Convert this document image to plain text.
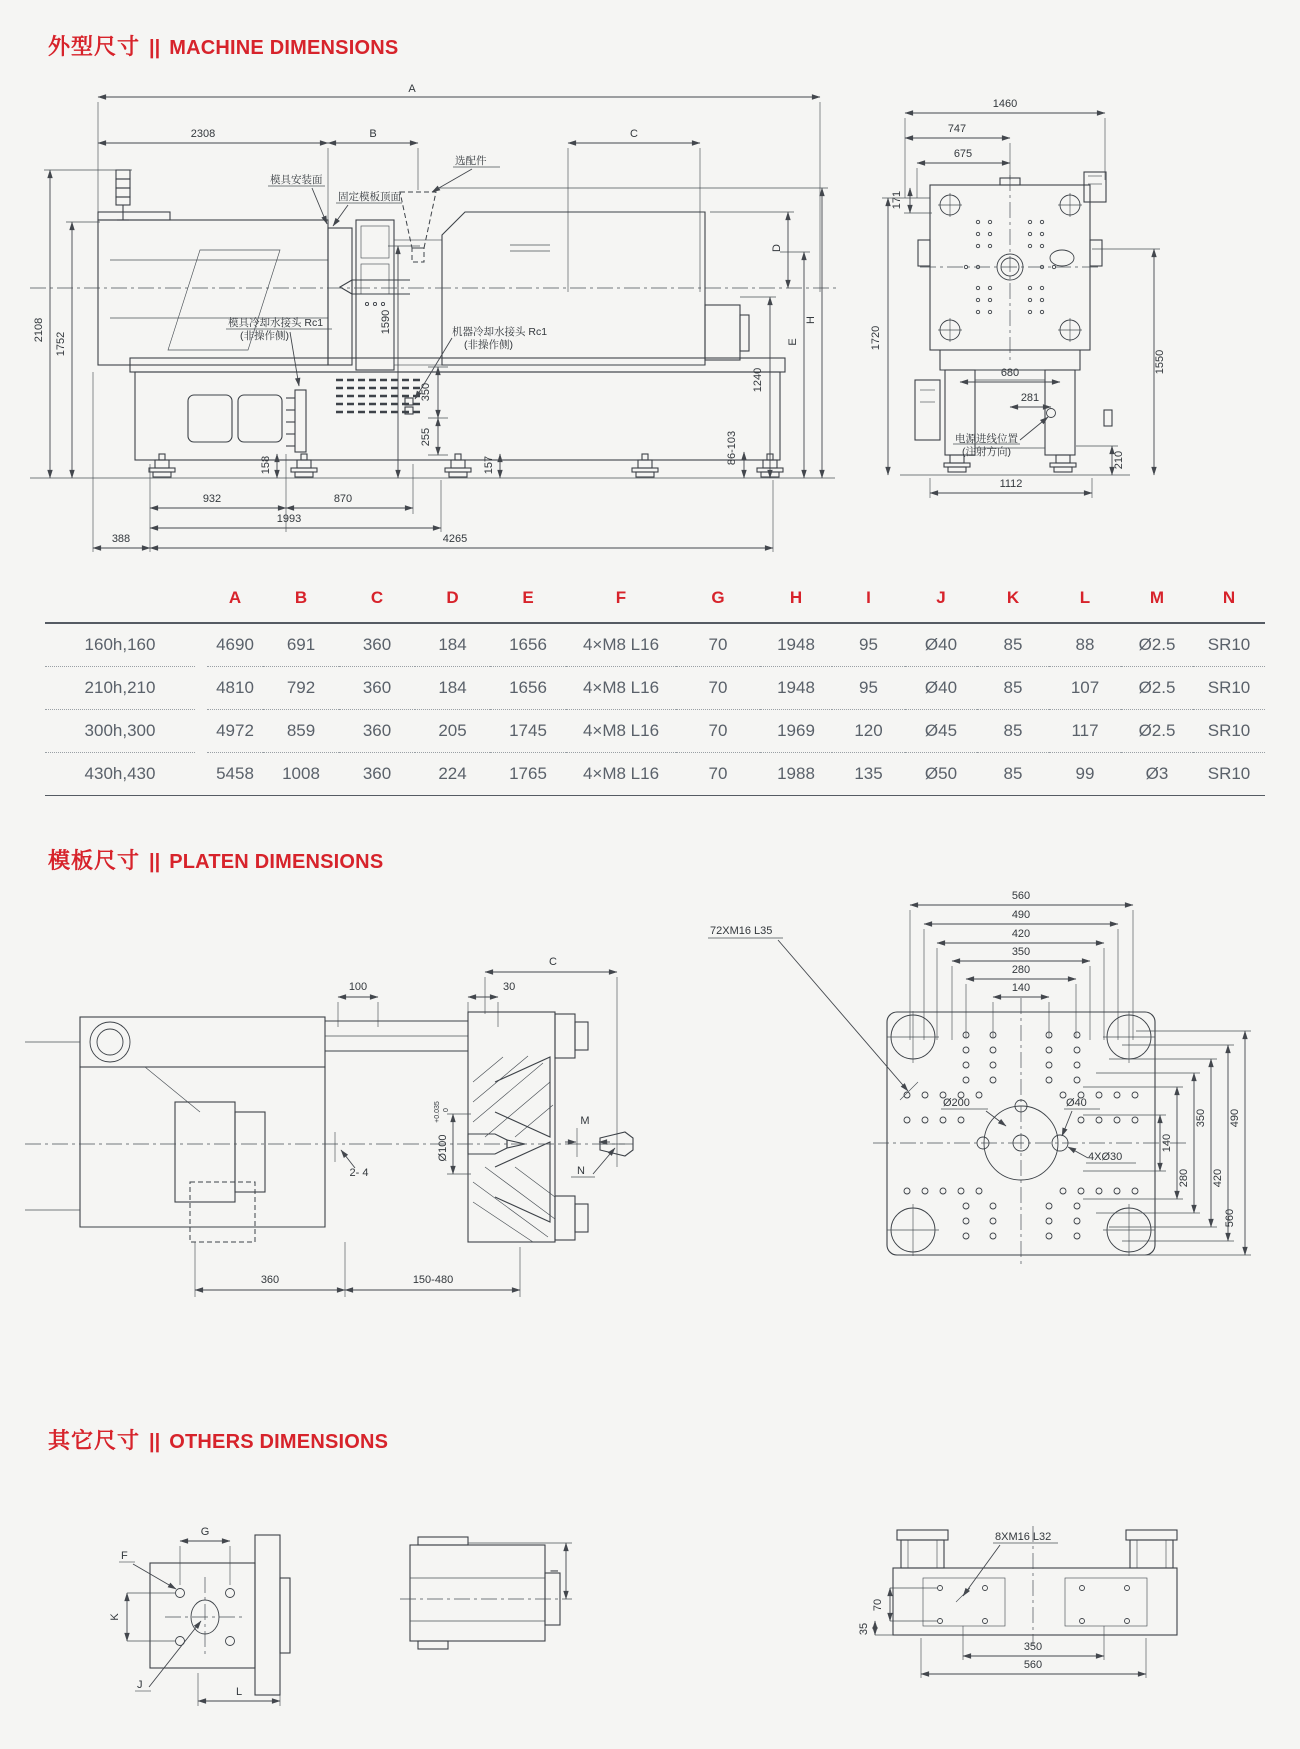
外型尺寸 || MACHINE DIMENSIONS
A
2308	B	C
选配件
模具安装面
固定模板顶面
模具冷却水接头 Rc1
(非操作侧)	机器冷却水接头 Rc1
(非操作侧)
2108
1752
1590
350
255
158	157	86-103
1240
D
E
H
932	870
1993
388	4265
1460
747
675
171
1720
1550
210
680
281
电源进线位置
(注射方向)
1112
		A	B	C	D	E	F	G	H	I	J	K	L	M	N
160h,160		4690	691	360	184	1656	4×M8 L16	70	1948	95	Ø40	85	88	Ø2.5	SR10
210h,210		4810	792	360	184	1656	4×M8 L16	70	1948	95	Ø40	85	107	Ø2.5	SR10
300h,300		4972	859	360	205	1745	4×M8 L16	70	1969	120	Ø45	85	117	Ø2.5	SR10
430h,430		5458	1008	360	224	1765	4×M8 L16	70	1988	135	Ø50	85	99	Ø3	SR10
模板尺寸 || PLATEN DIMENSIONS
C
100	30
Ø100
+0.035 0
M
N
2- 4
360	150-480
560
490
420
350
280
140
140
280
350
420
490
560
72XM16 L35
Ø200	Ø40
4XØ30
其它尺寸 || OTHERS DIMENSIONS
G
F
K
J
L
I
8XM16 L32
70
35
350
560
